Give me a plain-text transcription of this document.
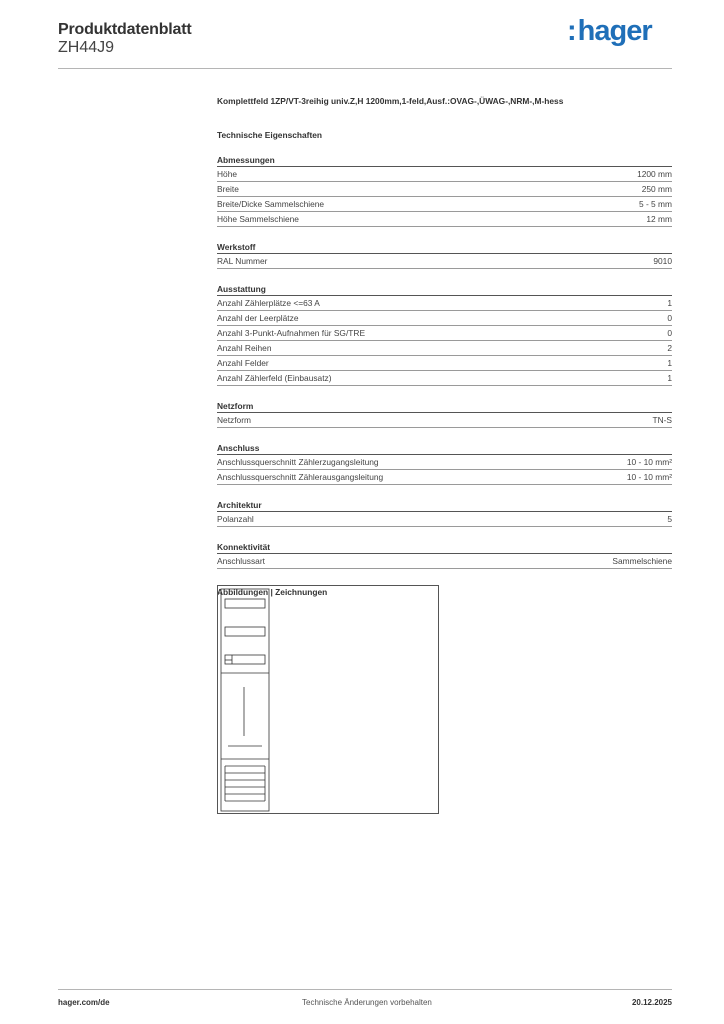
Produktdatenblatt
ZH44J9
:hager
Komplettfeld 1ZP/VT-3reihig univ.Z,H 1200mm,1-feld,Ausf.:OVAG-,ÜWAG-,NRM-,M-hess
Technische Eigenschaften
Abmessungen
Höhe	1200 mm
Breite	250 mm
Breite/Dicke Sammelschiene	5 - 5 mm
Höhe Sammelschiene	12 mm
Werkstoff
RAL Nummer	9010
Ausstattung
Anzahl Zählerplätze <=63 A	1
Anzahl der Leerplätze	0
Anzahl 3-Punkt-Aufnahmen für SG/TRE	0
Anzahl Reihen	2
Anzahl Felder	1
Anzahl Zählerfeld (Einbausatz)	1
Netzform
Netzform	TN-S
Anschluss
Anschlussquerschnitt Zählerzugangsleitung	10 - 10 mm²
Anschlussquerschnitt Zählerausgangsleitung	10 - 10 mm²
Architektur
Polanzahl	5
Konnektivität
Anschlussart	Sammelschiene
Abbildungen | Zeichnungen
hager.com/de	Technische Änderungen vorbehalten	20.12.2025
